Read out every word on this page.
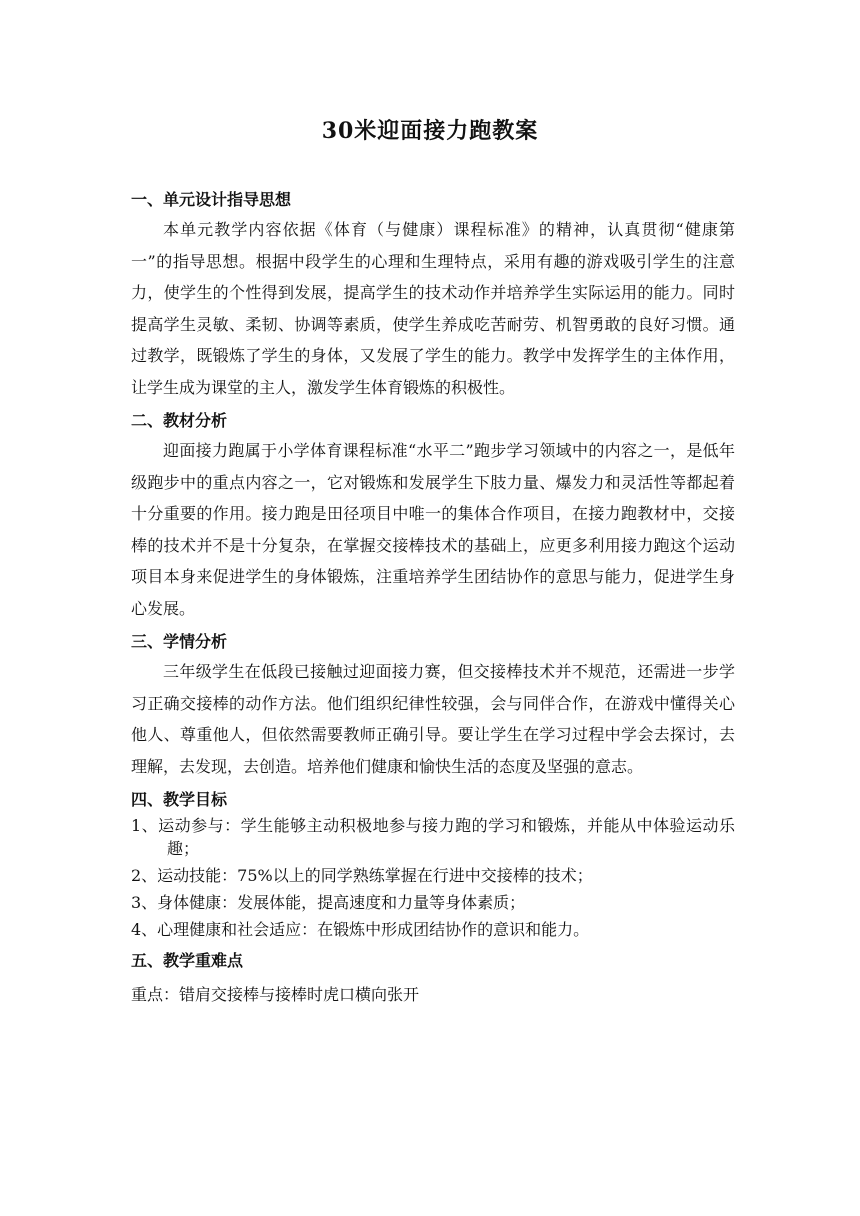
30米迎面接力跑教案
一、单元设计指导思想

本单元教学内容依据《体育（与健康）课程标准》的精神，认真贯彻“健康第一”的指导思想。根据中段学生的心理和生理特点，采用有趣的游戏吸引学生的注意力，使学生的个性得到发展，提高学生的技术动作并培养学生实际运用的能力。同时提高学生灵敏、柔韧、协调等素质，使学生养成吃苦耐劳、机智勇敢的良好习惯。通过教学，既锻炼了学生的身体，又发展了学生的能力。教学中发挥学生的主体作用，让学生成为课堂的主人，激发学生体育锻炼的积极性。

二、教材分析

迎面接力跑属于小学体育课程标准“水平二”跑步学习领域中的内容之一，是低年级跑步中的重点内容之一，它对锻炼和发展学生下肢力量、爆发力和灵活性等都起着十分重要的作用。接力跑是田径项目中唯一的集体合作项目，在接力跑教材中，交接棒的技术并不是十分复杂，在掌握交接棒技术的基础上，应更多利用接力跑这个运动项目本身来促进学生的身体锻炼，注重培养学生团结协作的意思与能力，促进学生身心发展。

三、学情分析

三年级学生在低段已接触过迎面接力赛，但交接棒技术并不规范，还需进一步学习正确交接棒的动作方法。他们组织纪律性较强，会与同伴合作，在游戏中懂得关心他人、尊重他人，但依然需要教师正确引导。要让学生在学习过程中学会去探讨，去理解，去发现，去创造。培养他们健康和愉快生活的态度及坚强的意志。

四、教学目标
1、运动参与：学生能够主动积极地参与接力跑的学习和锻炼，并能从中体验运动乐趣；
2、运动技能：75%以上的同学熟练掌握在行进中交接棒的技术；
3、身体健康：发展体能，提高速度和力量等身体素质；
4、心理健康和社会适应：在锻炼中形成团结协作的意识和能力。
五、教学重难点

重点：错肩交接棒与接棒时虎口横向张开
